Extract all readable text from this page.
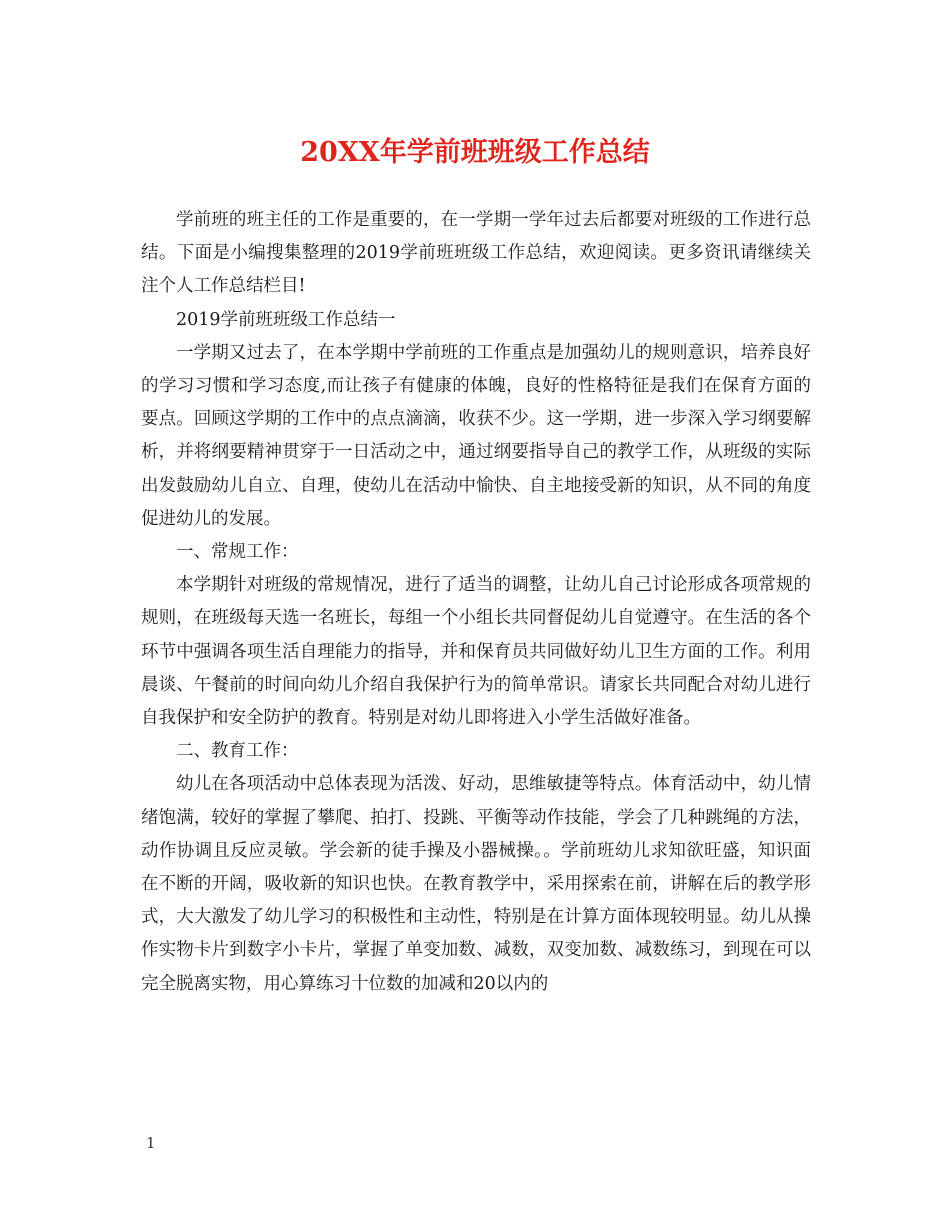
20XX年学前班班级工作总结

学前班的班主任的工作是重要的，在一学期一学年过去后都要对班级的工作进行总结。下面是小编搜集整理的2019学前班班级工作总结，欢迎阅读。更多资讯请继续关注个人工作总结栏目!

2019学前班班级工作总结一

一学期又过去了，在本学期中学前班的工作重点是加强幼儿的规则意识，培养良好的学习习惯和学习态度,而让孩子有健康的体魄，良好的性格特征是我们在保育方面的要点。回顾这学期的工作中的点点滴滴，收获不少。这一学期，进一步深入学习纲要解析，并将纲要精神贯穿于一日活动之中，通过纲要指导自己的教学工作，从班级的实际出发鼓励幼儿自立、自理，使幼儿在活动中愉快、自主地接受新的知识，从不同的角度促进幼儿的发展。

一、常规工作：

本学期针对班级的常规情况，进行了适当的调整，让幼儿自己讨论形成各项常规的规则，在班级每天选一名班长，每组一个小组长共同督促幼儿自觉遵守。在生活的各个环节中强调各项生活自理能力的指导，并和保育员共同做好幼儿卫生方面的工作。利用晨谈、午餐前的时间向幼儿介绍自我保护行为的简单常识。请家长共同配合对幼儿进行自我保护和安全防护的教育。特别是对幼儿即将进入小学生活做好准备。

二、教育工作：

幼儿在各项活动中总体表现为活泼、好动，思维敏捷等特点。体育活动中，幼儿情绪饱满，较好的掌握了攀爬、拍打、投跳、平衡等动作技能，学会了几种跳绳的方法，动作协调且反应灵敏。学会新的徒手操及小器械操。。学前班幼儿求知欲旺盛，知识面在不断的开阔，吸收新的知识也快。在教育教学中，采用探索在前，讲解在后的教学形式，大大激发了幼儿学习的积极性和主动性，特别是在计算方面体现较明显。幼儿从操作实物卡片到数字小卡片，掌握了单变加数、减数，双变加数、减数练习，到现在可以完全脱离实物，用心算练习十位数的加减和20以内的

1
